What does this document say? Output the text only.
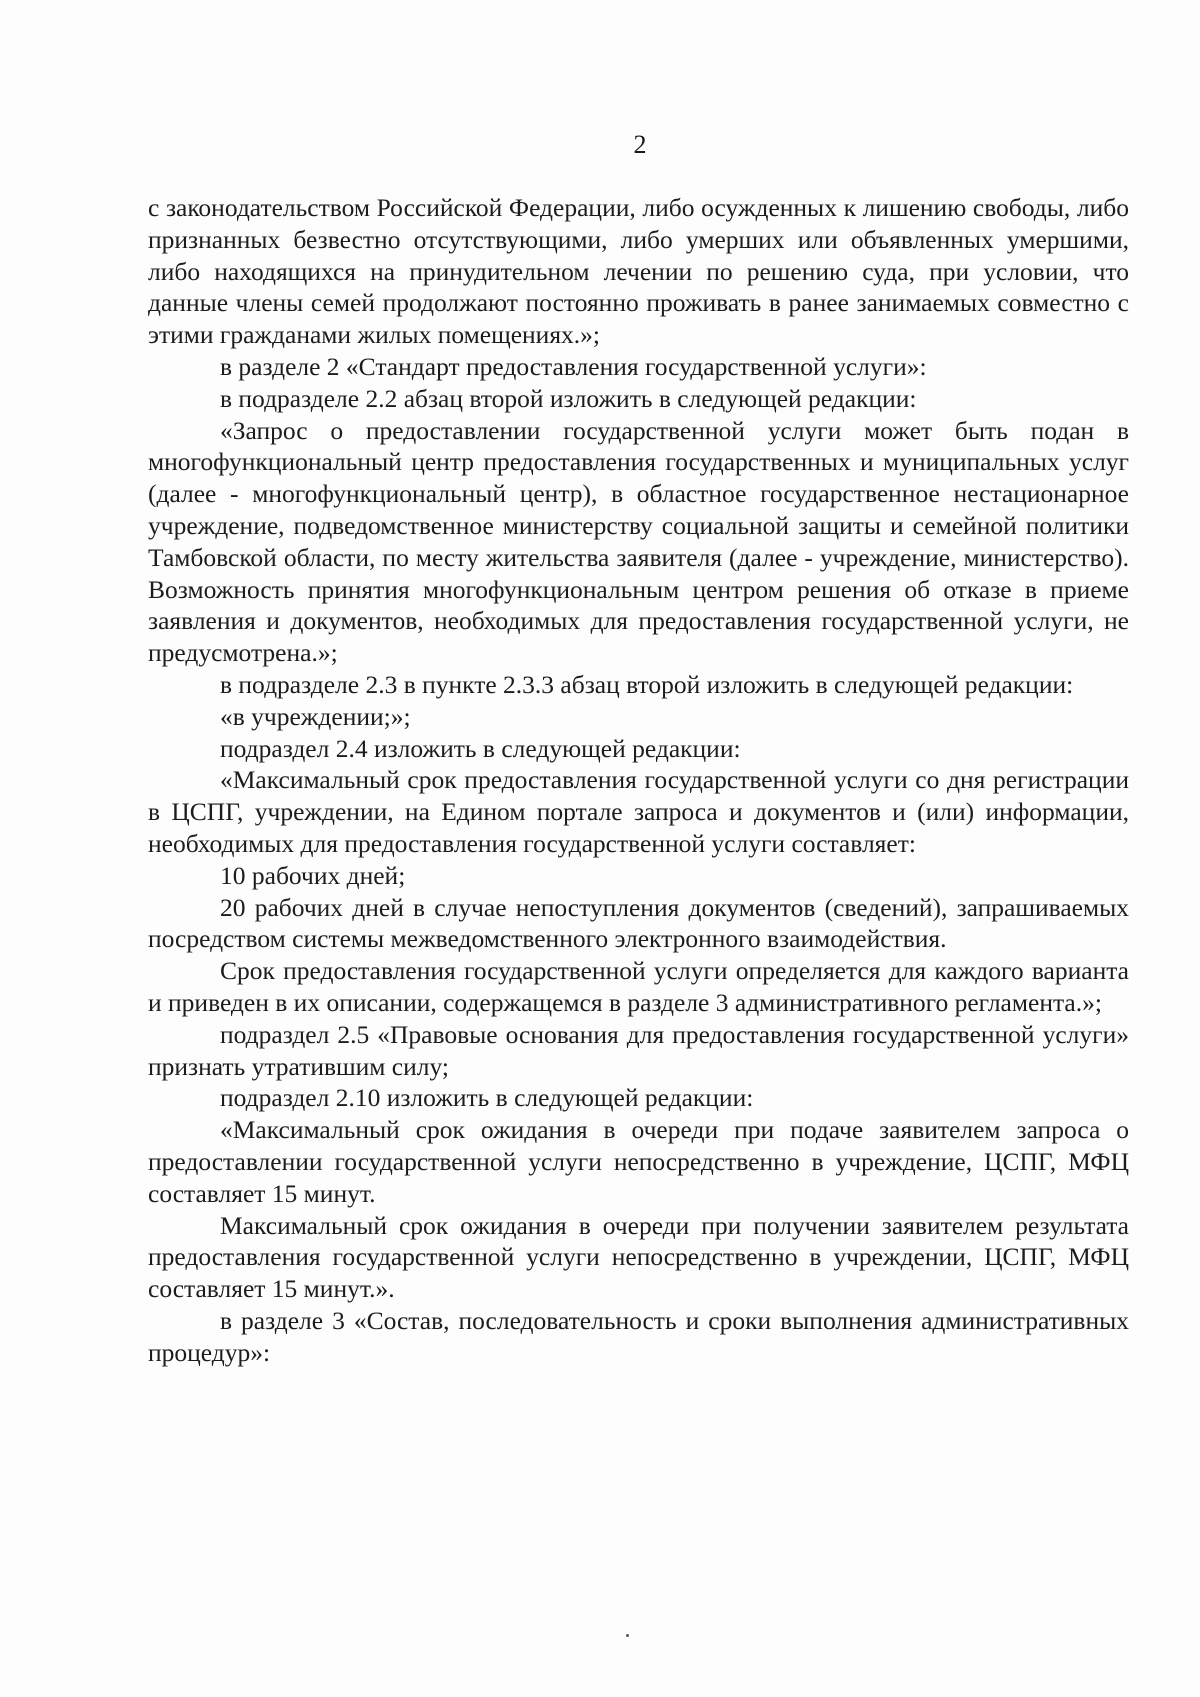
2

с законодательством Российской Федерации, либо осужденных к лишению свободы, либо признанных безвестно отсутствующими, либо умерших или объявленных умершими, либо находящихся на принудительном лечении по решению суда, при условии, что данные члены семей продолжают постоянно проживать в ранее занимаемых совместно с этими гражданами жилых помещениях.»;

в разделе 2 «Стандарт предоставления государственной услуги»:

в подразделе 2.2 абзац второй изложить в следующей редакции:

«Запрос о предоставлении государственной услуги может быть подан в многофункциональный центр предоставления государственных и муниципальных услуг (далее - многофункциональный центр), в областное государственное нестационарное учреждение, подведомственное министерству социальной защиты и семейной политики Тамбовской области, по месту жительства заявителя (далее - учреждение, министерство). Возможность принятия многофункциональным центром решения об отказе в приеме заявления и документов, необходимых для предоставления государственной услуги, не предусмотрена.»;

в подразделе 2.3 в пункте 2.3.3 абзац второй изложить в следующей редакции:

«в учреждении;»;

подраздел 2.4 изложить в следующей редакции:

«Максимальный срок предоставления государственной услуги со дня регистрации в ЦСПГ, учреждении, на Едином портале запроса и документов и (или) информации, необходимых для предоставления государственной услуги составляет:

10 рабочих дней;

20 рабочих дней в случае непоступления документов (сведений), запрашиваемых посредством системы межведомственного электронного взаимодействия.

Срок предоставления государственной услуги определяется для каждого варианта и приведен в их описании, содержащемся в разделе 3 административного регламента.»;

подраздел 2.5 «Правовые основания для предоставления государственной услуги» признать утратившим силу;

подраздел 2.10 изложить в следующей редакции:

«Максимальный срок ожидания в очереди при подаче заявителем запроса о предоставлении государственной услуги непосредственно в учреждение, ЦСПГ, МФЦ составляет 15 минут.

Максимальный срок ожидания в очереди при получении заявителем результата предоставления государственной услуги непосредственно в учреждении, ЦСПГ, МФЦ составляет 15 минут.».

в разделе 3 «Состав, последовательность и сроки выполнения административных процедур»:
